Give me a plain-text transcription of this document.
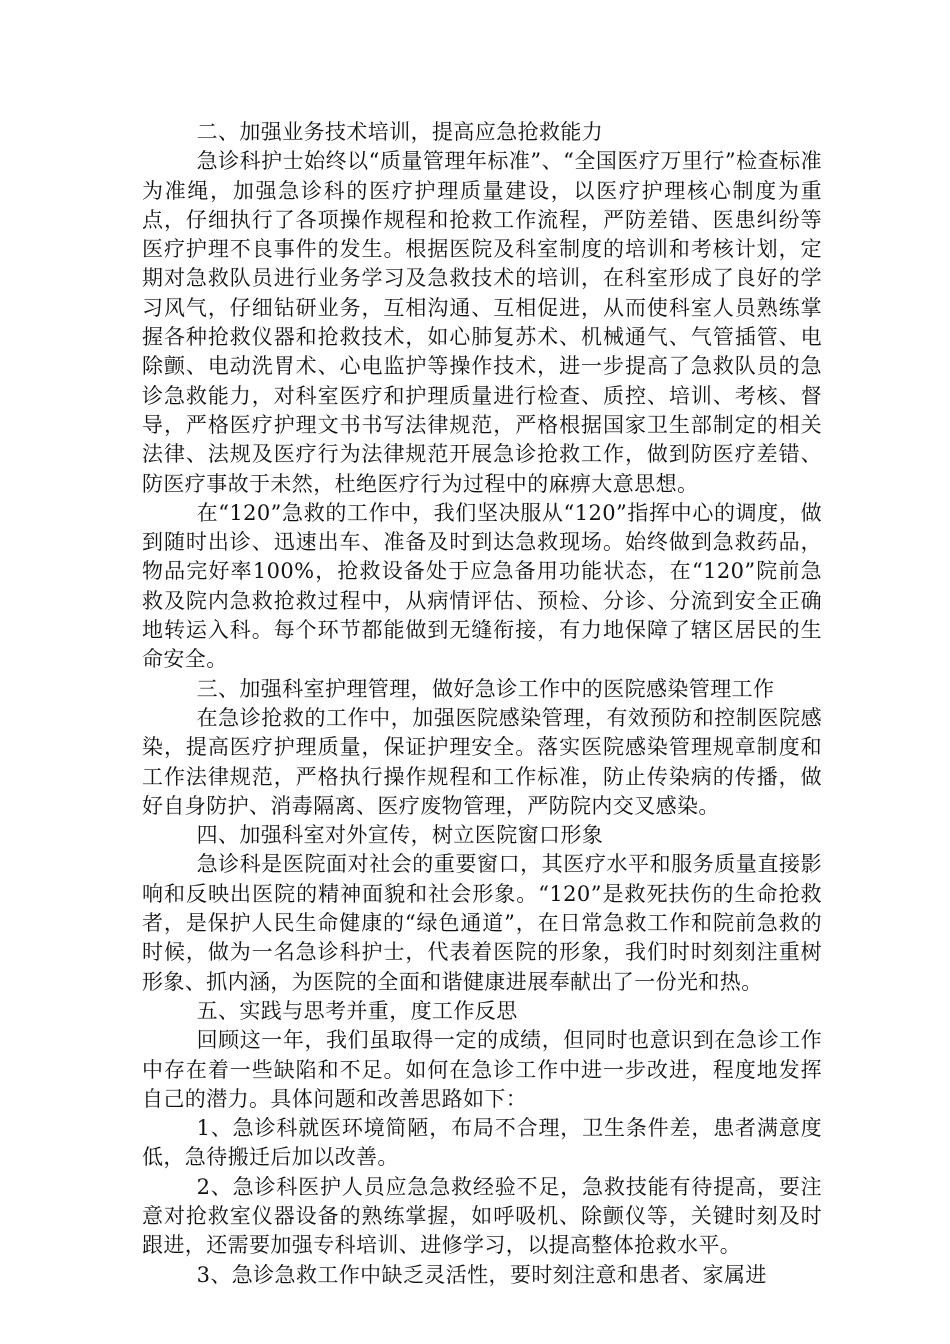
二、加强业务技术培训，提高应急抢救能力

急诊科护士始终以“质量管理年标准”、“全国医疗万里行”检查标准为准绳，加强急诊科的医疗护理质量建设，以医疗护理核心制度为重点，仔细执行了各项操作规程和抢救工作流程，严防差错、医患纠纷等医疗护理不良事件的发生。根据医院及科室制度的培训和考核计划，定期对急救队员进行业务学习及急救技术的培训，在科室形成了良好的学习风气，仔细钻研业务，互相沟通、互相促进，从而使科室人员熟练掌握各种抢救仪器和抢救技术，如心肺复苏术、机械通气、气管插管、电除颤、电动洗胃术、心电监护等操作技术，进一步提高了急救队员的急诊急救能力，对科室医疗和护理质量进行检查、质控、培训、考核、督导，严格医疗护理文书书写法律规范，严格根据国家卫生部制定的相关法律、法规及医疗行为法律规范开展急诊抢救工作，做到防医疗差错、防医疗事故于未然，杜绝医疗行为过程中的麻痹大意思想。

在“120”急救的工作中，我们坚决服从“120”指挥中心的调度，做到随时出诊、迅速出车、准备及时到达急救现场。始终做到急救药品，物品完好率100%，抢救设备处于应急备用功能状态，在“120”院前急救及院内急救抢救过程中，从病情评估、预检、分诊、分流到安全正确地转运入科。每个环节都能做到无缝衔接，有力地保障了辖区居民的生命安全。

三、加强科室护理管理，做好急诊工作中的医院感染管理工作

在急诊抢救的工作中，加强医院感染管理，有效预防和控制医院感染，提高医疗护理质量，保证护理安全。落实医院感染管理规章制度和工作法律规范，严格执行操作规程和工作标准，防止传染病的传播，做好自身防护、消毒隔离、医疗废物管理，严防院内交叉感染。

四、加强科室对外宣传，树立医院窗口形象

急诊科是医院面对社会的重要窗口，其医疗水平和服务质量直接影响和反映出医院的精神面貌和社会形象。“120”是救死扶伤的生命抢救者，是保护人民生命健康的“绿色通道”，在日常急救工作和院前急救的时候，做为一名急诊科护士，代表着医院的形象，我们时时刻刻注重树形象、抓内涵，为医院的全面和谐健康进展奉献出了一份光和热。

五、实践与思考并重，度工作反思

回顾这一年，我们虽取得一定的成绩，但同时也意识到在急诊工作中存在着一些缺陷和不足。如何在急诊工作中进一步改进，程度地发挥自己的潜力。具体问题和改善思路如下：

1、急诊科就医环境简陋，布局不合理，卫生条件差，患者满意度低，急待搬迁后加以改善。

2、急诊科医护人员应急急救经验不足，急救技能有待提高，要注意对抢救室仪器设备的熟练掌握，如呼吸机、除颤仪等，关键时刻及时跟进，还需要加强专科培训、进修学习，以提高整体抢救水平。

3、急诊急救工作中缺乏灵活性，要时刻注意和患者、家属进
